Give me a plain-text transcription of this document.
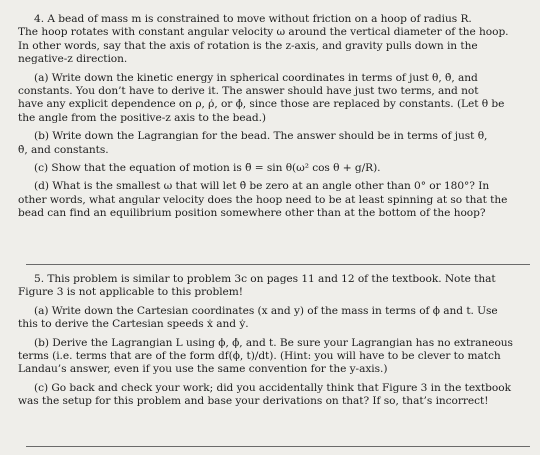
4. A bead of mass m is constrained to move without friction on a hoop of radius R.
The hoop rotates with constant angular velocity ω around the vertical diameter of the hoop.
In other words, say that the axis of rotation is the z-axis, and gravity pulls down in the
negative-z direction.
(a) Write down the kinetic energy in spherical coordinates in terms of just θ, θ̇, and
constants. You don’t have to derive it. The answer should have just two terms, and not
have any explicit dependence on ρ, ρ̇, or ϕ̇, since those are replaced by constants. (Let θ be
the angle from the positive-z axis to the bead.)
(b) Write down the Lagrangian for the bead. The answer should be in terms of just θ,
θ̇, and constants.
(c) Show that the equation of motion is θ̈ = sin θ(ω² cos θ + g/R).
(d) What is the smallest ω that will let θ̇ be zero at an angle other than 0° or 180°? In
other words, what angular velocity does the hoop need to be at least spinning at so that the
bead can find an equilibrium position somewhere other than at the bottom of the hoop?
5. This problem is similar to problem 3c on pages 11 and 12 of the textbook. Note that
Figure 3 is not applicable to this problem!
(a) Write down the Cartesian coordinates (x and y) of the mass in terms of ϕ and t. Use
this to derive the Cartesian speeds ẋ and ẏ.
(b) Derive the Lagrangian L using ϕ, ϕ̇, and t. Be sure your Lagrangian has no extraneous
terms (i.e. terms that are of the form df(ϕ, t)/dt). (Hint: you will have to be clever to match
Landau’s answer, even if you use the same convention for the y-axis.)
(c) Go back and check your work; did you accidentally think that Figure 3 in the textbook
was the setup for this problem and base your derivations on that? If so, that’s incorrect!
